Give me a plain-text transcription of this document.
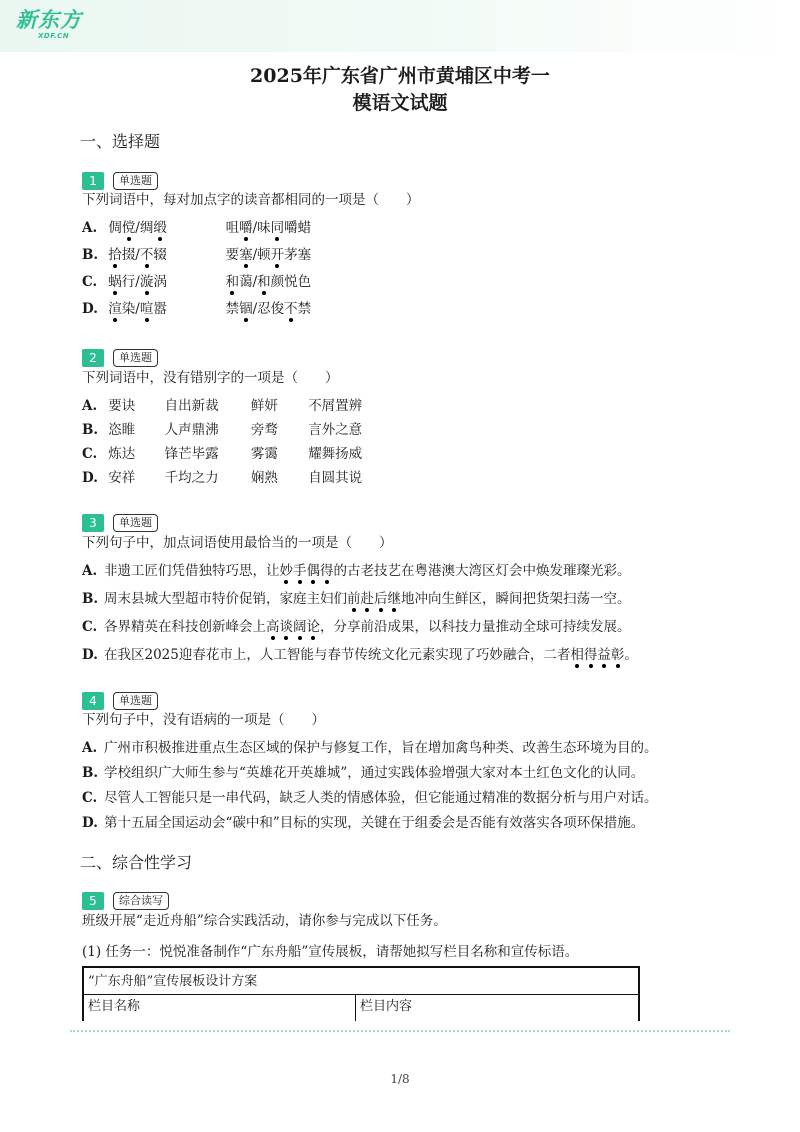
新东方
XDF.CN
2025年广东省广州市黄埔区中考一
模语文试题
一、选择题
1	单选题
下列词语中，每对加点字的读音都相同的一项是（　　）
A. 倜傥/绸缎	咀嚼/味同嚼蜡
B. 拾掇/不辍	要塞/顿开茅塞
C. 蜗行/漩涡	和蔼/和颜悦色
D. 渲染/喧嚣	禁锢/忍俊不禁
2	单选题
下列词语中，没有错别字的一项是（　　）
A. 要诀 自出新裁 鲜妍 不屑置辨
B. 恣睢 人声鼎沸 旁骛 言外之意
C. 炼达 锋芒毕露 雾霭 耀舞扬威
D. 安祥 千均之力 娴熟 自圆其说
3	单选题
下列句子中，加点词语使用最恰当的一项是（　　）
A. 非遗工匠们凭借独特巧思，让妙手偶得的古老技艺在粤港澳大湾区灯会中焕发璀璨光彩。
B. 周末县城大型超市特价促销，家庭主妇们前赴后继地冲向生鲜区，瞬间把货架扫荡一空。
C. 各界精英在科技创新峰会上高谈阔论，分享前沿成果，以科技力量推动全球可持续发展。
D. 在我区2025迎春花市上，人工智能与春节传统文化元素实现了巧妙融合，二者相得益彰。
4	单选题
下列句子中，没有语病的一项是（　　）
A. 广州市积极推进重点生态区域的保护与修复工作，旨在增加禽鸟种类、改善生态环境为目的。
B. 学校组织广大师生参与“英雄花开英雄城”，通过实践体验增强大家对本土红色文化的认同。
C. 尽管人工智能只是一串代码，缺乏人类的情感体验，但它能通过精准的数据分析与用户对话。
D. 第十五届全国运动会“碳中和”目标的实现，关键在于组委会是否能有效落实各项环保措施。
二、综合性学习
5	综合读写
班级开展“走近舟船”综合实践活动，请你参与完成以下任务。
(1) 任务一：悦悦准备制作“广东舟船”宣传展板，请帮她拟写栏目名称和宣传标语。
“广东舟船”宣传展板设计方案
栏目名称	栏目内容
1/8
